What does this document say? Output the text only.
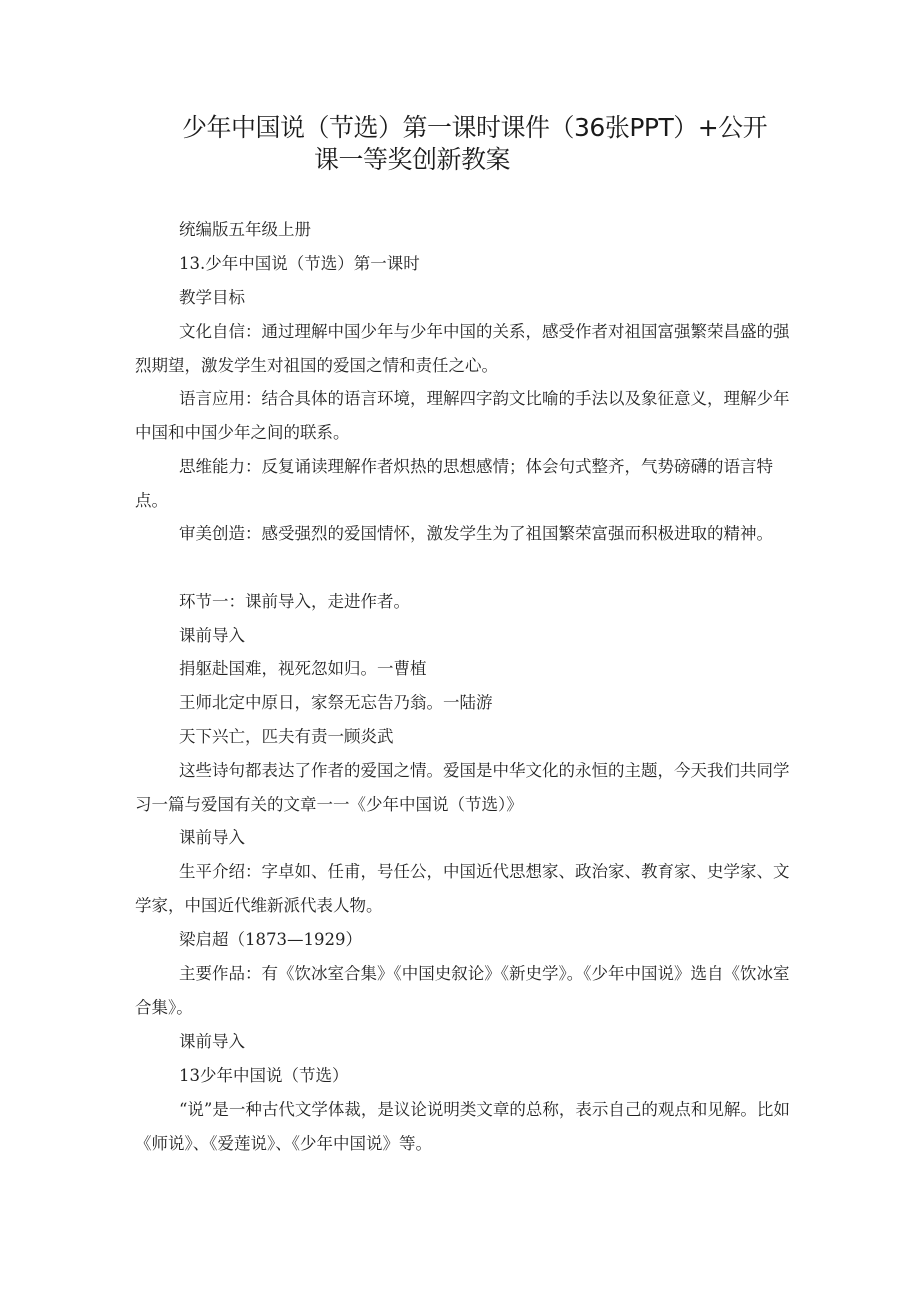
少年中国说（节选）第一课时课件（36张PPT）+公开
课一等奖创新教案

统编版五年级上册

13.少年中国说（节选）第一课时

教学目标

文化自信：通过理解中国少年与少年中国的关系，感受作者对祖国富强繁荣昌盛的强烈期望，激发学生对祖国的爱国之情和责任之心。

语言应用：结合具体的语言环境，理解四字韵文比喻的手法以及象征意义，理解少年中国和中国少年之间的联系。

思维能力：反复诵读理解作者炽热的思想感情；体会句式整齐，气势磅礴的语言特点。

审美创造：感受强烈的爱国情怀，激发学生为了祖国繁荣富强而积极进取的精神。

环节一：课前导入，走进作者。

课前导入

捐躯赴国难，视死忽如归。一曹植

王师北定中原日，家祭无忘告乃翁。一陆游

天下兴亡，匹夫有责一顾炎武

这些诗句都表达了作者的爱国之情。爱国是中华文化的永恒的主题，今天我们共同学习一篇与爱国有关的文章一一《少年中国说（节选）》

课前导入

生平介绍：字卓如、任甫，号任公，中国近代思想家、政治家、教育家、史学家、文学家，中国近代维新派代表人物。

梁启超（1873—1929）

主要作品：有《饮冰室合集》《中国史叙论》《新史学》。《少年中国说》选自《饮冰室合集》。

课前导入

13少年中国说（节选）

“说”是一种古代文学体裁，是议论说明类文章的总称，表示自己的观点和见解。比如《师说》、《爱莲说》、《少年中国说》等。
